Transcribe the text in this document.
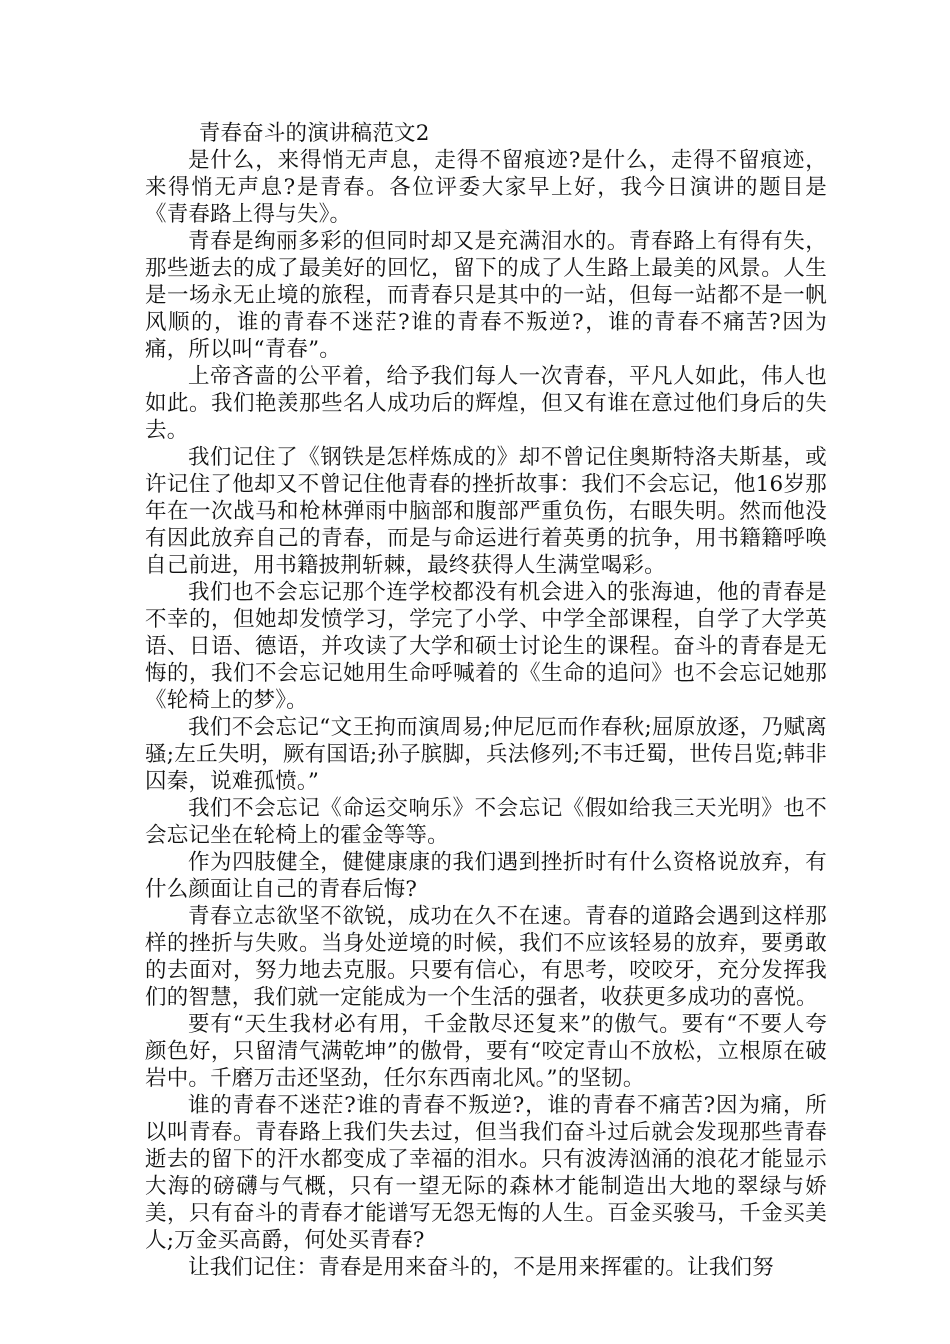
青春奋斗的演讲稿范文2

是什么，来得悄无声息，走得不留痕迹?是什么，走得不留痕迹，来得悄无声息?是青春。各位评委大家早上好，我今日演讲的题目是《青春路上得与失》。

青春是绚丽多彩的但同时却又是充满泪水的。青春路上有得有失，那些逝去的成了最美好的回忆，留下的成了人生路上最美的风景。人生是一场永无止境的旅程，而青春只是其中的一站，但每一站都不是一帆风顺的，谁的青春不迷茫?谁的青春不叛逆?，谁的青春不痛苦?因为痛，所以叫“青春”。

上帝吝啬的公平着，给予我们每人一次青春，平凡人如此，伟人也如此。我们艳羡那些名人成功后的辉煌，但又有谁在意过他们身后的失去。

我们记住了《钢铁是怎样炼成的》却不曾记住奥斯特洛夫斯基，或许记住了他却又不曾记住他青春的挫折故事：我们不会忘记，他16岁那年在一次战马和枪林弹雨中脑部和腹部严重负伤，右眼失明。然而他没有因此放弃自己的青春，而是与命运进行着英勇的抗争，用书籍籍呼唤自己前进，用书籍披荆斩棘，最终获得人生满堂喝彩。

我们也不会忘记那个连学校都没有机会进入的张海迪，他的青春是不幸的，但她却发愤学习，学完了小学、中学全部课程，自学了大学英语、日语、德语，并攻读了大学和硕士讨论生的课程。奋斗的青春是无悔的，我们不会忘记她用生命呼喊着的《生命的追问》也不会忘记她那《轮椅上的梦》。

我们不会忘记“文王拘而演周易;仲尼厄而作春秋;屈原放逐，乃赋离骚;左丘失明，厥有国语;孙子膑脚，兵法修列;不韦迁蜀，世传吕览;韩非囚秦，说难孤愤。”

我们不会忘记《命运交响乐》不会忘记《假如给我三天光明》也不会忘记坐在轮椅上的霍金等等。

作为四肢健全，健健康康的我们遇到挫折时有什么资格说放弃，有什么颜面让自己的青春后悔?

青春立志欲坚不欲锐，成功在久不在速。青春的道路会遇到这样那样的挫折与失败。当身处逆境的时候，我们不应该轻易的放弃，要勇敢的去面对，努力地去克服。只要有信心，有思考，咬咬牙，充分发挥我们的智慧，我们就一定能成为一个生活的强者，收获更多成功的喜悦。

要有“天生我材必有用，千金散尽还复来”的傲气。要有“不要人夸颜色好，只留清气满乾坤”的傲骨，要有“咬定青山不放松，立根原在破岩中。千磨万击还坚劲，任尔东西南北风。”的坚韧。

谁的青春不迷茫?谁的青春不叛逆?，谁的青春不痛苦?因为痛，所以叫青春。青春路上我们失去过，但当我们奋斗过后就会发现那些青春逝去的留下的汗水都变成了幸福的泪水。只有波涛汹涌的浪花才能显示大海的磅礴与气概，只有一望无际的森林才能制造出大地的翠绿与娇美，只有奋斗的青春才能谱写无怨无悔的人生。百金买骏马，千金买美人;万金买高爵，何处买青春?

让我们记住：青春是用来奋斗的，不是用来挥霍的。让我们努
